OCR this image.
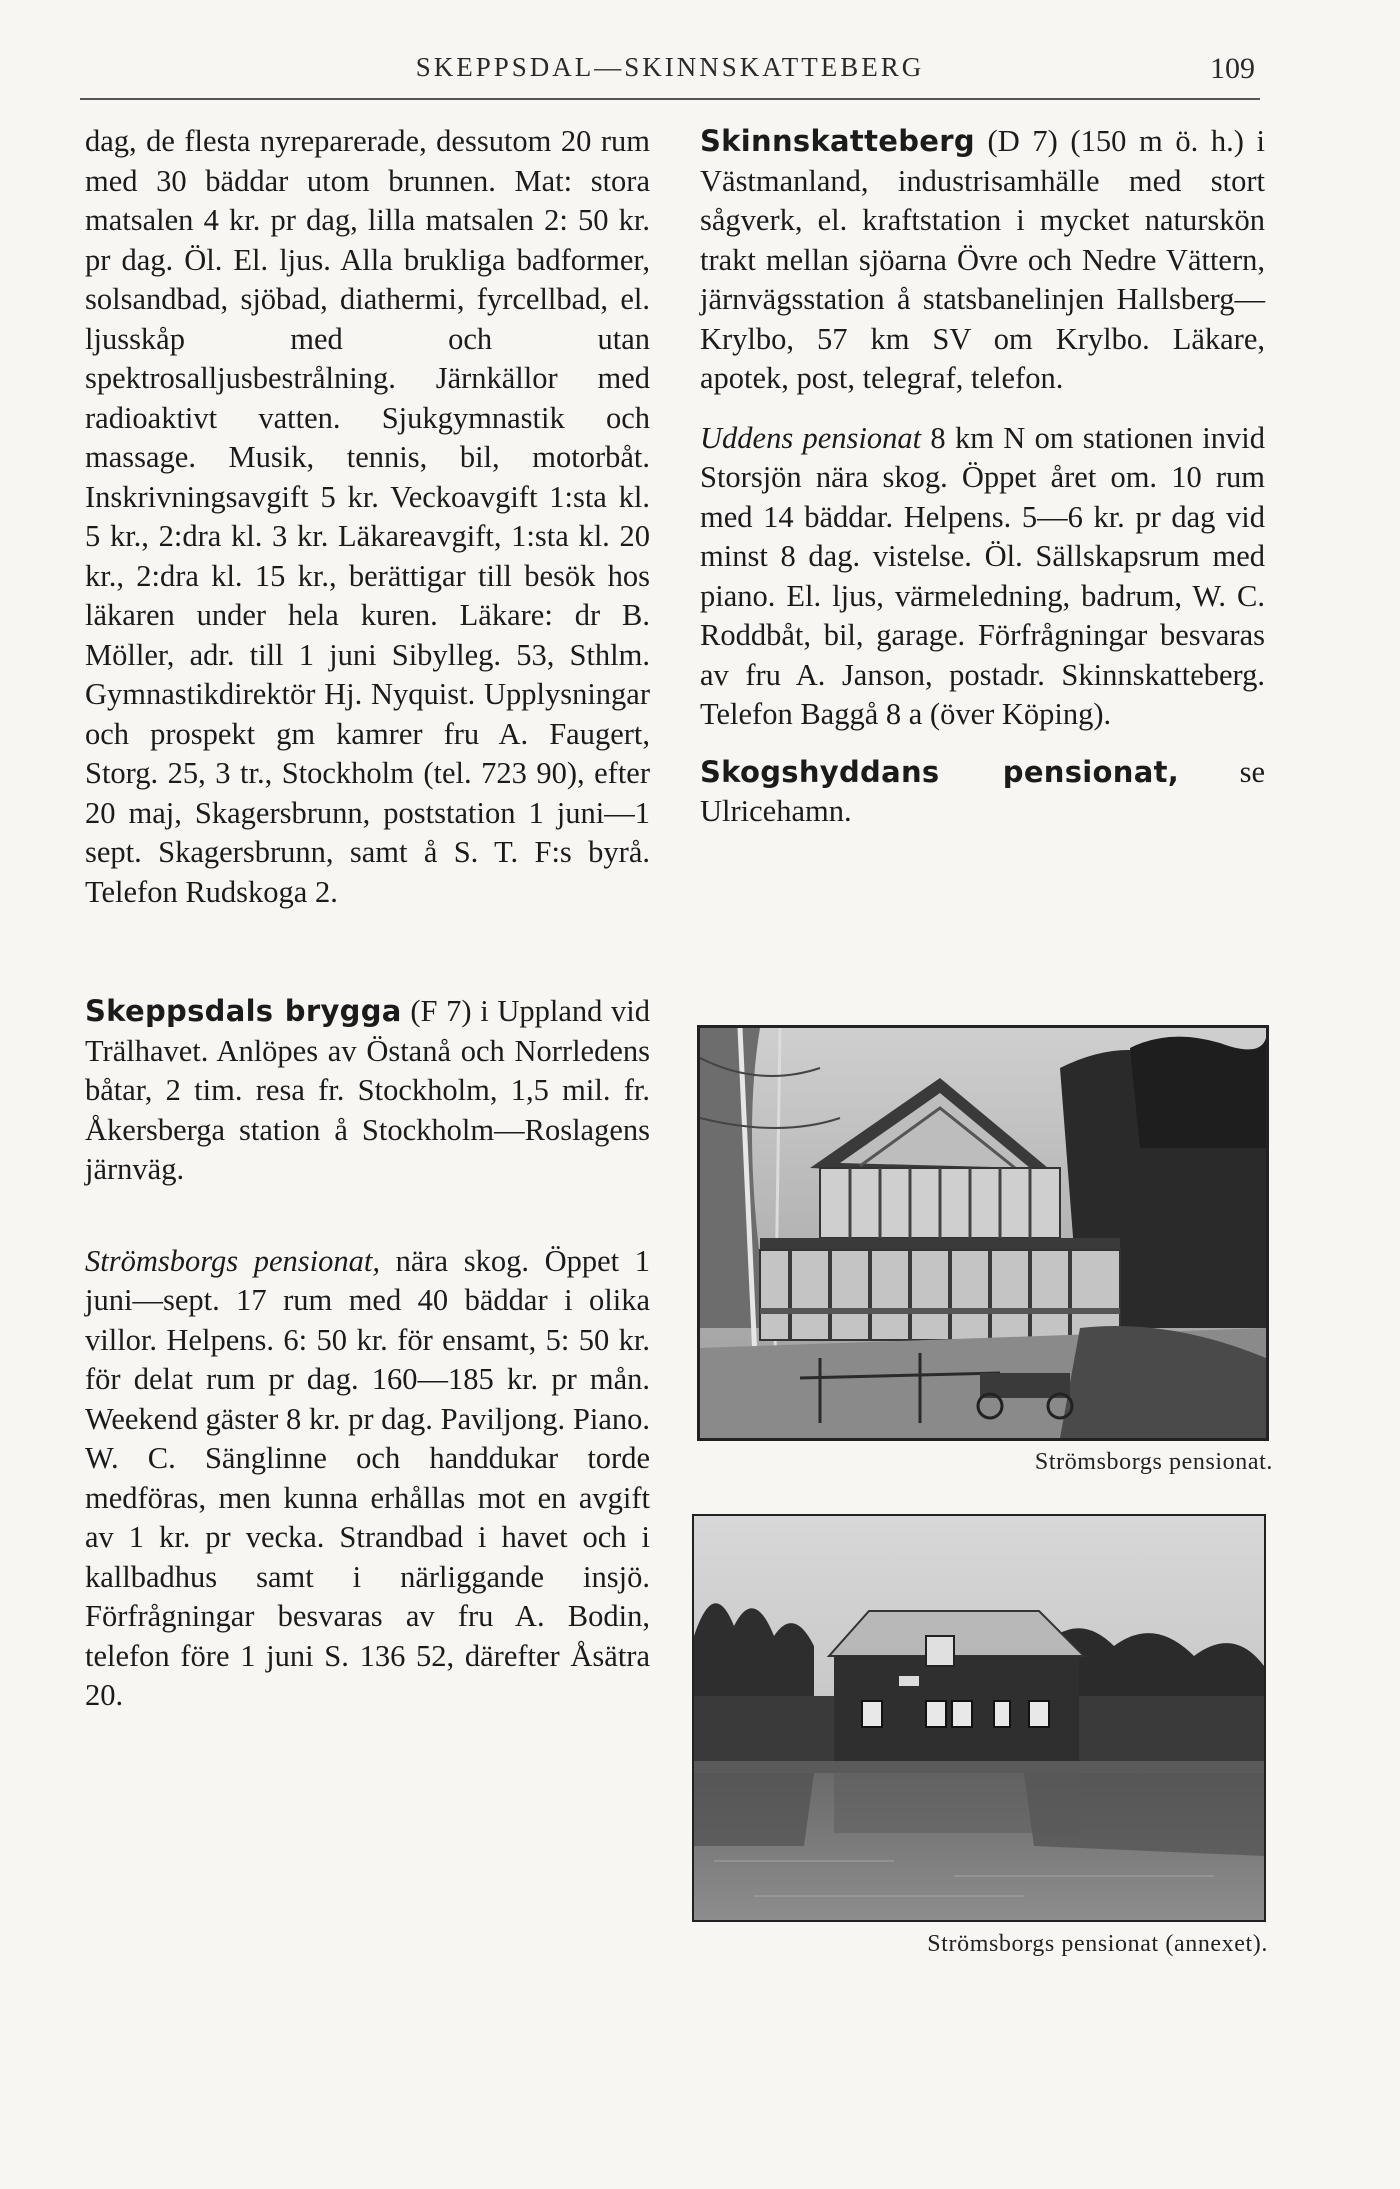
SKEPPSDAL—SKINNSKATTEBERG	109

dag, de flesta nyreparerade, dessutom 20 rum med 30 bäddar utom brunnen. Mat: stora matsalen 4 kr. pr dag, lilla matsalen 2: 50 kr. pr dag. Öl. El. ljus. Alla brukliga badformer, solsandbad, sjöbad, diathermi, fyrcellbad, el. ljusskåp med och utan spektrosalljusbestrålning. Järnkällor med radioaktivt vatten. Sjukgymnastik och massage. Musik, tennis, bil, motorbåt. Inskrivningsavgift 5 kr. Veckoavgift 1:sta kl. 5 kr., 2:dra kl. 3 kr. Läkareavgift, 1:sta kl. 20 kr., 2:dra kl. 15 kr., berättigar till besök hos läkaren under hela kuren. Läkare: dr B. Möller, adr. till 1 juni Sibylleg. 53, Sthlm. Gymnastikdirektör Hj. Nyquist. Upplysningar och prospekt gm kamrer fru A. Faugert, Storg. 25, 3 tr., Stockholm (tel. 723 90), efter 20 maj, Skagersbrunn, poststation 1 juni—1 sept. Skagersbrunn, samt å S. T. F:s byrå. Telefon Rudskoga 2.

Skeppsdals brygga (F 7) i Uppland vid Trälhavet. Anlöpes av Östanå och Norrledens båtar, 2 tim. resa fr. Stockholm, 1,5 mil. fr. Åkersberga station å Stockholm—Roslagens järnväg.

Strömsborgs pensionat, nära skog. Öppet 1 juni—sept. 17 rum med 40 bäddar i olika villor. Helpens. 6: 50 kr. för ensamt, 5: 50 kr. för delat rum pr dag. 160—185 kr. pr mån. Weekend gäster 8 kr. pr dag. Paviljong. Piano. W. C. Sänglinne och handdukar torde medföras, men kunna erhållas mot en avgift av 1 kr. pr vecka. Strandbad i havet och i kallbadhus samt i närliggande insjö. Förfrågningar besvaras av fru A. Bodin, telefon före 1 juni S. 136 52, därefter Åsätra 20.

Skinnskatteberg (D 7) (150 m ö. h.) i Västmanland, industrisamhälle med stort sågverk, el. kraftstation i mycket naturskön trakt mellan sjöarna Övre och Nedre Vättern, järnvägsstation å statsbanelinjen Hallsberg—Krylbo, 57 km SV om Krylbo. Läkare, apotek, post, telegraf, telefon.

Uddens pensionat 8 km N om stationen invid Storsjön nära skog. Öppet året om. 10 rum med 14 bäddar. Helpens. 5—6 kr. pr dag vid minst 8 dag. vistelse. Öl. Sällskapsrum med piano. El. ljus, värmeledning, badrum, W. C. Roddbåt, bil, garage. Förfrågningar besvaras av fru A. Janson, postadr. Skinnskatteberg. Telefon Baggå 8 a (över Köping).

Skogshyddans pensionat, se Ulricehamn.

Strömsborgs pensionat.
Strömsborgs pensionat (annexet).
